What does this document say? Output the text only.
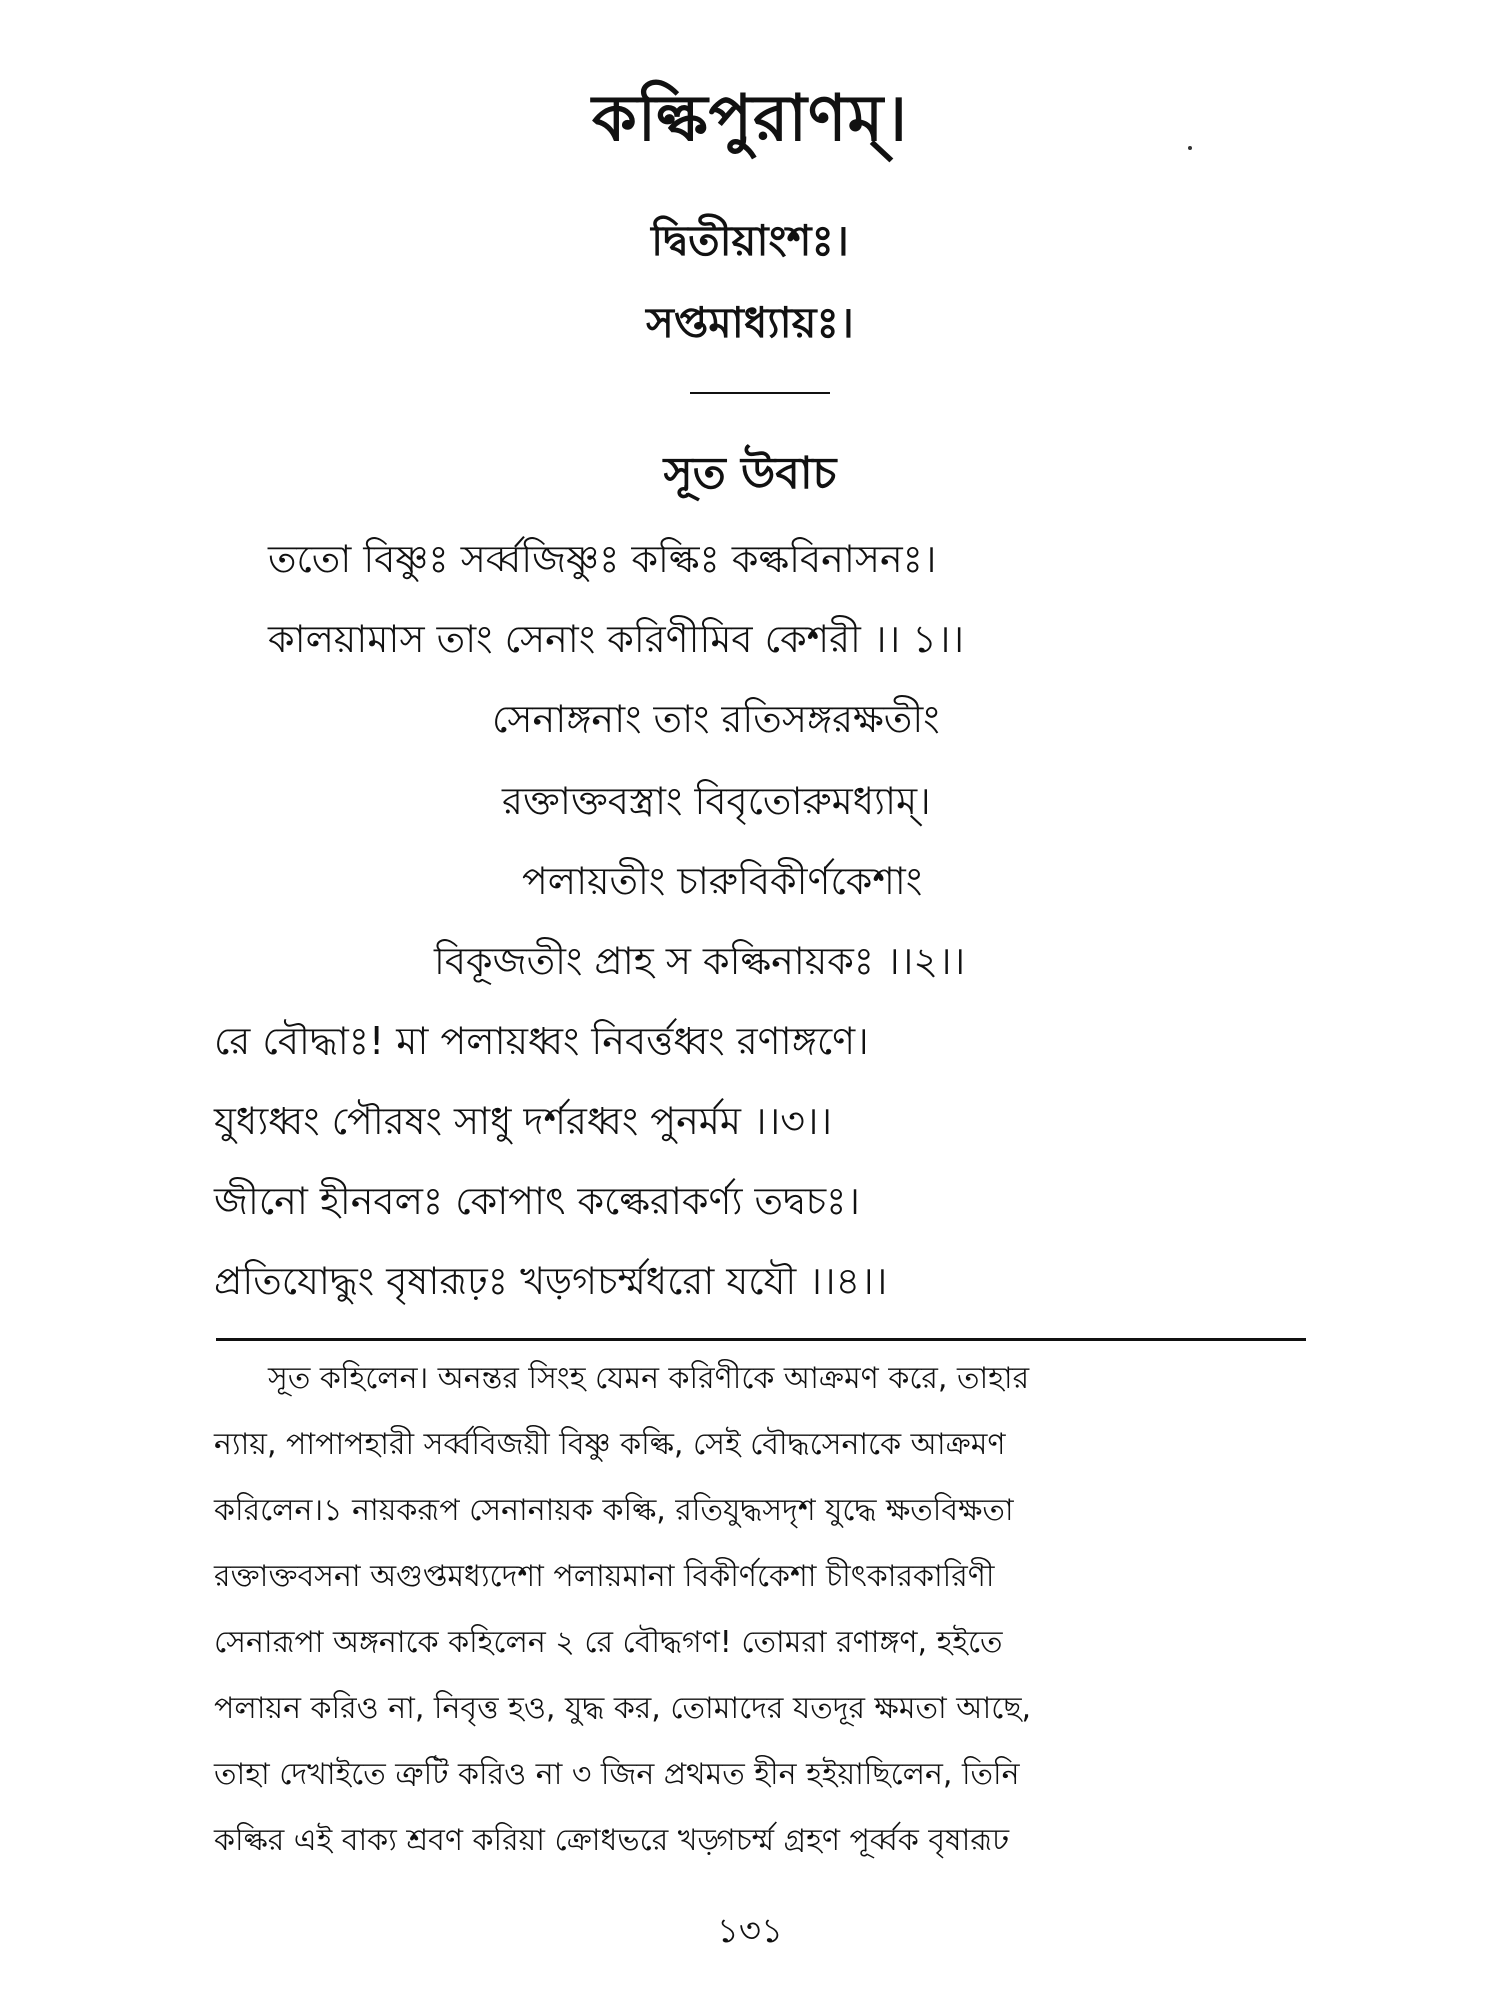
কল্কিপুরাণম্।
দ্বিতীয়াংশঃ।
সপ্তমাধ্যায়ঃ।
সূত উবাচ
ততো বিষ্ণুঃ সর্ব্বজিষ্ণুঃ কল্কিঃ কল্কবিনাসনঃ।
কালয়ামাস তাং সেনাং করিণীমিব কেশরী ।। ১।।
সেনাঙ্গনাং তাং রতিসঙ্গরক্ষতীং
রক্তাক্তবস্ত্রাং বিবৃতোরুমধ্যাম্।
পলায়তীং চারুবিকীর্ণকেশাং
বিকূজতীং প্রাহ স কল্কিনায়কঃ ।।২।।
রে বৌদ্ধাঃ! মা পলায়ধ্বং নিবর্ত্তধ্বং রণাঙ্গণে।
যুধ্যধ্বং পৌরষং সাধু দর্শরধ্বং পুনর্মম ।।৩।।
জীনো হীনবলঃ কোপাৎ কল্কেরাকর্ণ্য তদ্বচঃ।
প্রতিযোদ্ধুং বৃষারূঢ়ঃ খড়গচর্ম্মধরো যযৌ ।।৪।।
সূত কহিলেন। অনন্তর সিংহ যেমন করিণীকে আক্রমণ করে, তাহার
ন্যায়, পাপাপহারী সর্ব্ববিজয়ী বিষ্ণু কল্কি, সেই বৌদ্ধসেনাকে আক্রমণ
করিলেন।১ নায়করূপ সেনানায়ক কল্কি, রতিযুদ্ধসদৃশ যুদ্ধে ক্ষতবিক্ষতা
রক্তাক্তবসনা অগুপ্তমধ্যদেশা পলায়মানা বিকীর্ণকেশা চীৎকারকারিণী
সেনারূপা অঙ্গনাকে কহিলেন ২ রে বৌদ্ধগণ! তোমরা রণাঙ্গণ, হইতে
পলায়ন করিও না, নিবৃত্ত হও, যুদ্ধ কর, তোমাদের যতদূর ক্ষমতা আছে,
তাহা দেখাইতে ত্রুটি করিও না ৩ জিন প্রথমত হীন হইয়াছিলেন, তিনি
কল্কির এই বাক্য শ্রবণ করিয়া ক্রোধভরে খড়্গচর্ম্ম গ্রহণ পূর্ব্বক বৃষারূঢ
১৩১
